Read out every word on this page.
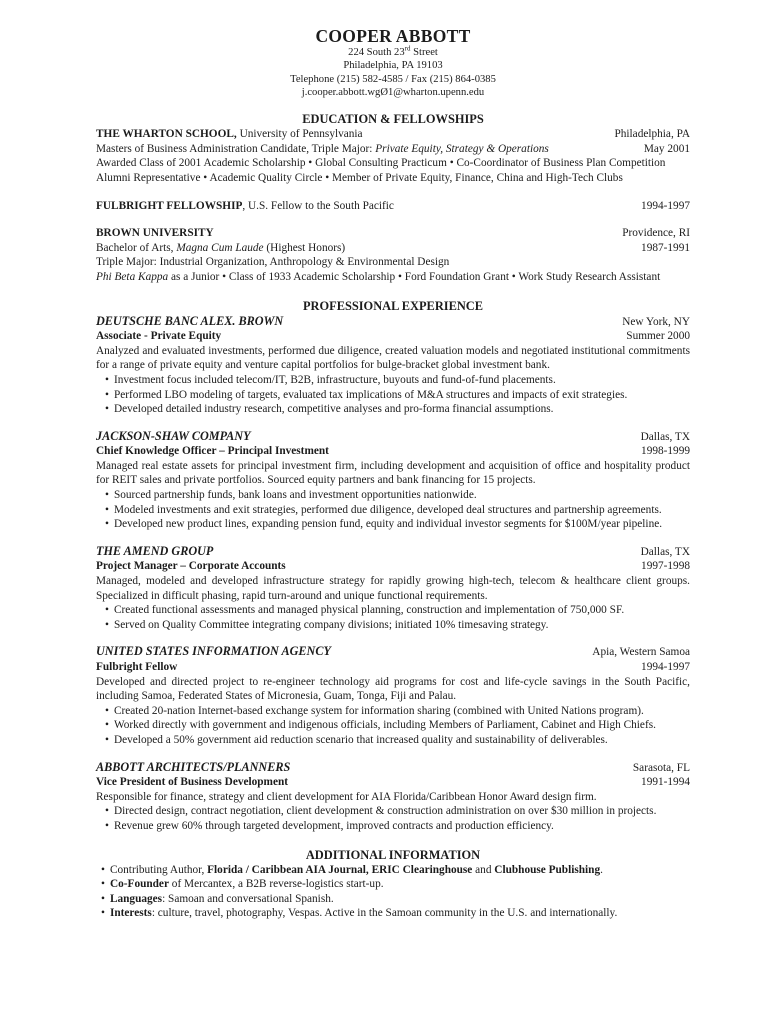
COOPER ABBOTT
224 South 23rd Street
Philadelphia, PA 19103
Telephone (215) 582-4585 / Fax (215) 864-0385
j.cooper.abbott.wgØ1@wharton.upenn.edu
EDUCATION & FELLOWSHIPS
THE WHARTON SCHOOL, University of Pennsylvania	Philadelphia, PA
Masters of Business Administration Candidate, Triple Major: Private Equity, Strategy & Operations	May 2001
Awarded Class of 2001 Academic Scholarship • Global Consulting Practicum • Co-Coordinator of Business Plan Competition
Alumni Representative • Academic Quality Circle • Member of Private Equity, Finance, China and High-Tech Clubs
FULBRIGHT FELLOWSHIP, U.S. Fellow to the South Pacific	1994-1997
BROWN UNIVERSITY	Providence, RI
Bachelor of Arts, Magna Cum Laude (Highest Honors)	1987-1991
Triple Major: Industrial Organization, Anthropology & Environmental Design
Phi Beta Kappa as a Junior • Class of 1933 Academic Scholarship • Ford Foundation Grant • Work Study Research Assistant
PROFESSIONAL EXPERIENCE
DEUTSCHE BANC ALEX. BROWN	New York, NY
Associate - Private Equity	Summer 2000

Analyzed and evaluated investments, performed due diligence, created valuation models and negotiated institutional commitments for a range of private equity and venture capital portfolios for bulge-bracket global investment bank.

•
Investment focus included telecom/IT, B2B, infrastructure, buyouts and fund-of-fund placements.
•
Performed LBO modeling of targets, evaluated tax implications of M&A structures and impacts of exit strategies.
•
Developed detailed industry research, competitive analyses and pro-forma financial assumptions.
JACKSON-SHAW COMPANY	Dallas, TX
Chief Knowledge Officer – Principal Investment	1998-1999

Managed real estate assets for principal investment firm, including development and acquisition of office and hospitality product for REIT sales and private portfolios. Sourced equity partners and bank financing for 15 projects.

•
Sourced partnership funds, bank loans and investment opportunities nationwide.
•
Modeled investments and exit strategies, performed due diligence, developed deal structures and partnership agreements.
•
Developed new product lines, expanding pension fund, equity and individual investor segments for $100M/year pipeline.
THE AMEND GROUP	Dallas, TX
Project Manager – Corporate Accounts	1997-1998

Managed, modeled and developed infrastructure strategy for rapidly growing high-tech, telecom & healthcare client groups. Specialized in difficult phasing, rapid turn-around and unique functional requirements.

•
Created functional assessments and managed physical planning, construction and implementation of 750,000 SF.
•
Served on Quality Committee integrating company divisions; initiated 10% timesaving strategy.
UNITED STATES INFORMATION AGENCY	Apia, Western Samoa
Fulbright Fellow	1994-1997

Developed and directed project to re-engineer technology aid programs for cost and life-cycle savings in the South Pacific, including Samoa, Federated States of Micronesia, Guam, Tonga, Fiji and Palau.

•
Created 20-nation Internet-based exchange system for information sharing (combined with United Nations program).
•
Worked directly with government and indigenous officials, including Members of Parliament, Cabinet and High Chiefs.
•
Developed a 50% government aid reduction scenario that increased quality and sustainability of deliverables.
ABBOTT ARCHITECTS/PLANNERS	Sarasota, FL
Vice President of Business Development	1991-1994

Responsible for finance, strategy and client development for AIA Florida/Caribbean Honor Award design firm.

•
Directed design, contract negotiation, client development & construction administration on over $30 million in projects.
•
Revenue grew 60% through targeted development, improved contracts and production efficiency.
ADDITIONAL INFORMATION
•
Contributing Author, Florida / Caribbean AIA Journal, ERIC Clearinghouse and Clubhouse Publishing.
•
Co-Founder of Mercantex, a B2B reverse-logistics start-up.
•
Languages: Samoan and conversational Spanish.
•
Interests: culture, travel, photography, Vespas. Active in the Samoan community in the U.S. and internationally.
